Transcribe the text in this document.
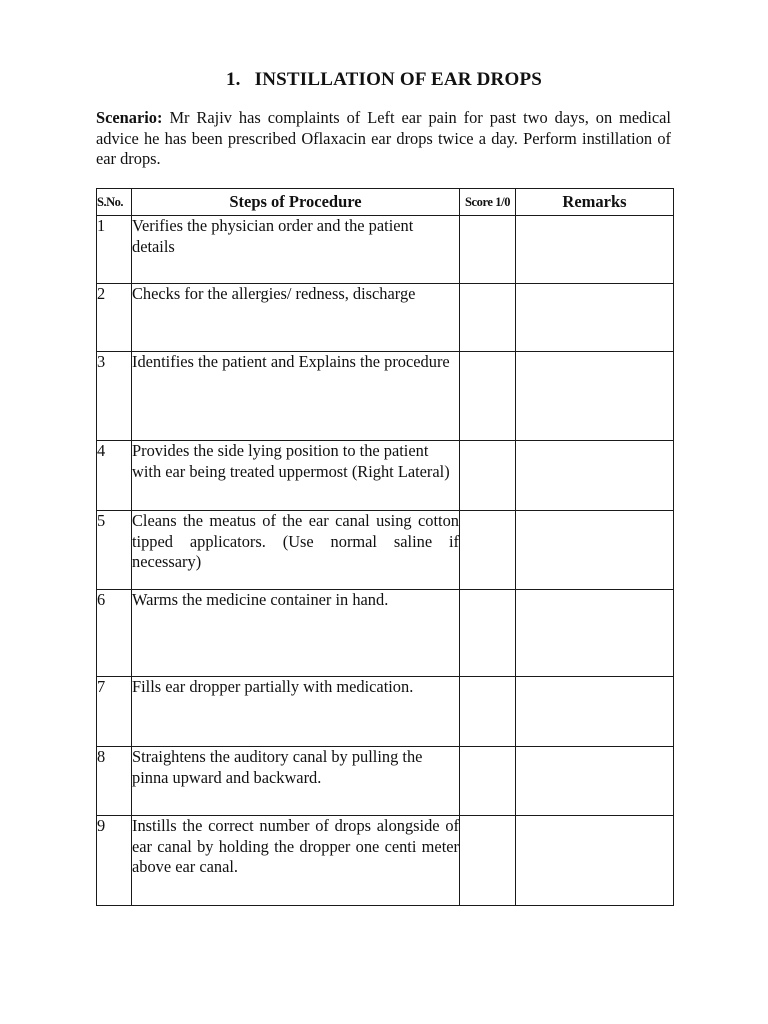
1. INSTILLATION OF EAR DROPS
Scenario: Mr Rajiv has complaints of Left ear pain for past two days, on medical advice he has been prescribed Oflaxacin ear drops twice a day. Perform instillation of ear drops.
S.No.	Steps of Procedure	Score 1/0	Remarks
1	Verifies the physician order and the patient details		
2	Checks for the allergies/ redness, discharge		
3	Identifies the patient and Explains the procedure		
4	Provides the side lying position to the patient with ear being treated uppermost (Right Lateral)		
5	Cleans the meatus of the ear canal using cotton tipped applicators. (Use normal saline if necessary)		
6	Warms the medicine container in hand.		
7	Fills ear dropper partially with medication.		
8	Straightens the auditory canal by pulling the pinna upward and backward.		
9	Instills the correct number of drops alongside of ear canal by holding the dropper one centi meter above ear canal.		
